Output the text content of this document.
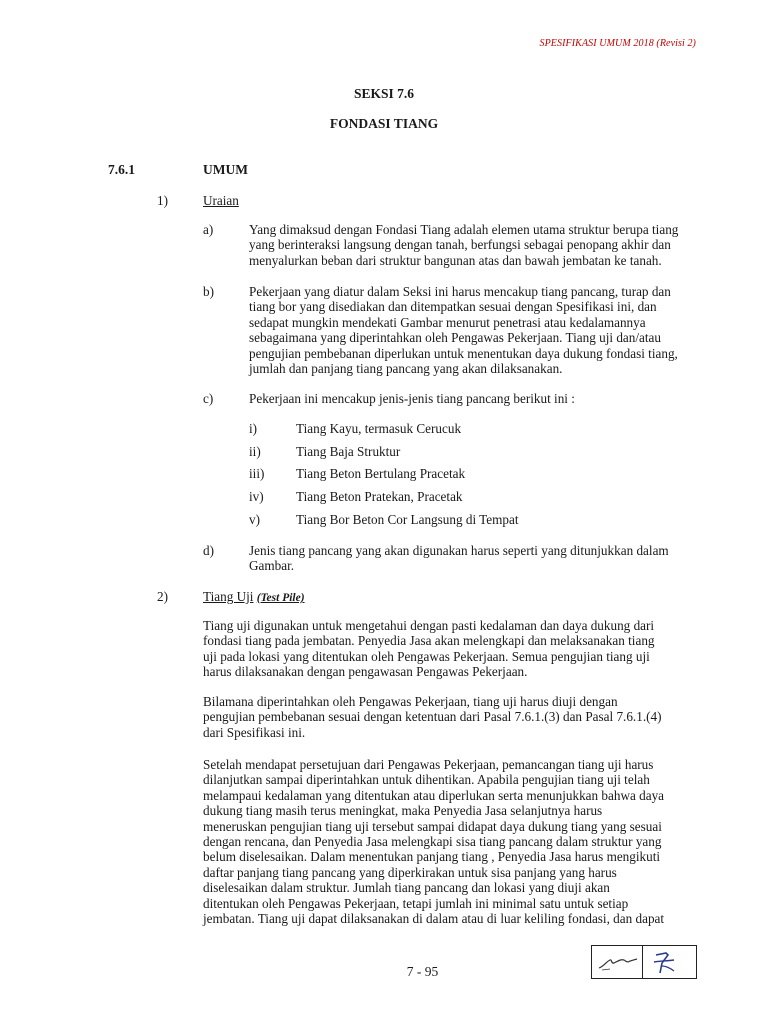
SPESIFIKASI UMUM 2018 (Revisi 2)
SEKSI 7.6
FONDASI TIANG
7.6.1	UMUM
1)	Uraian
a)	Yang dimaksud dengan Fondasi Tiang adalah elemen utama struktur berupa tiang
yang berinteraksi langsung dengan tanah, berfungsi sebagai penopang akhir dan
menyalurkan beban dari struktur bangunan atas dan bawah jembatan ke tanah.
b)	Pekerjaan yang diatur dalam Seksi ini harus mencakup tiang pancang, turap dan
tiang bor yang disediakan dan ditempatkan sesuai dengan Spesifikasi ini, dan
sedapat mungkin mendekati Gambar menurut penetrasi atau kedalamannya
sebagaimana yang diperintahkan oleh Pengawas Pekerjaan. Tiang uji dan/atau
pengujian pembebanan diperlukan untuk menentukan daya dukung fondasi tiang,
jumlah dan panjang tiang pancang yang akan dilaksanakan.
c)	Pekerjaan ini mencakup jenis-jenis tiang pancang berikut ini :
i)	Tiang Kayu, termasuk Cerucuk
ii)	Tiang Baja Struktur
iii) Tiang Beton Bertulang Pracetak
iv) Tiang Beton Pratekan, Pracetak
v)	Tiang Bor Beton Cor Langsung di Tempat
d)	Jenis tiang pancang yang akan digunakan harus seperti yang ditunjukkan dalam
Gambar.
2)	Tiang Uji (Test Pile)
Tiang uji digunakan untuk mengetahui dengan pasti kedalaman dan daya dukung dari
fondasi tiang pada jembatan. Penyedia Jasa akan melengkapi dan melaksanakan tiang
uji pada lokasi yang ditentukan oleh Pengawas Pekerjaan. Semua pengujian tiang uji
harus dilaksanakan dengan pengawasan Pengawas Pekerjaan.
Bilamana diperintahkan oleh Pengawas Pekerjaan, tiang uji harus diuji dengan
pengujian pembebanan sesuai dengan ketentuan dari Pasal 7.6.1.(3) dan Pasal 7.6.1.(4)
dari Spesifikasi ini.
Setelah mendapat persetujuan dari Pengawas Pekerjaan, pemancangan tiang uji harus
dilanjutkan sampai diperintahkan untuk dihentikan. Apabila pengujian tiang uji telah
melampaui kedalaman yang ditentukan atau diperlukan serta menunjukkan bahwa daya
dukung tiang masih terus meningkat, maka Penyedia Jasa selanjutnya harus
meneruskan pengujian tiang uji tersebut sampai didapat daya dukung tiang yang sesuai
dengan rencana, dan Penyedia Jasa melengkapi sisa tiang pancang dalam struktur yang
belum diselesaikan. Dalam menentukan panjang tiang , Penyedia Jasa harus mengikuti
daftar panjang tiang pancang yang diperkirakan untuk sisa panjang yang harus
diselesaikan dalam struktur. Jumlah tiang pancang dan lokasi yang diuji akan
ditentukan oleh Pengawas Pekerjaan, tetapi jumlah ini minimal satu untuk setiap
jembatan. Tiang uji dapat dilaksanakan di dalam atau di luar keliling fondasi, dan dapat
7 - 95
